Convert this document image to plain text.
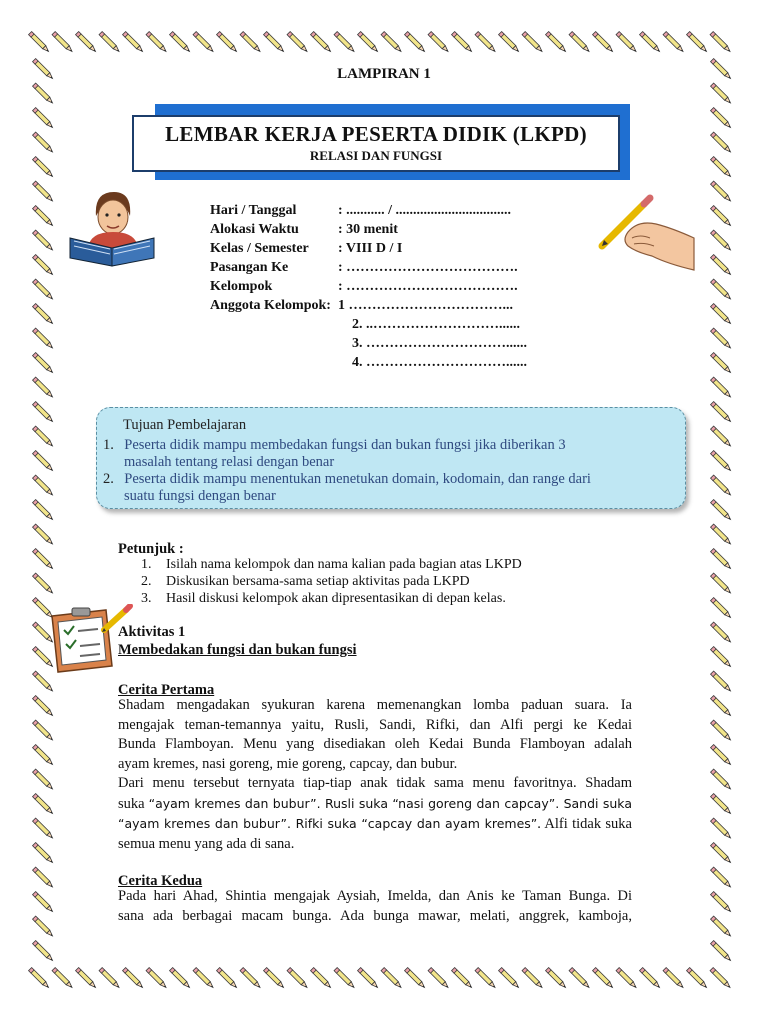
LAMPIRAN 1
LEMBAR KERJA PESERTA DIDIK (LKPD)
RELASI DAN FUNGSI
Hari / Tanggal	: ........... / .................................
Alokasi Waktu	: 30 menit
Kelas / Semester : VIII D / I
Pasangan Ke	: ……………………………….
Kelompok	: ……………………………….
Anggota Kelompok: 1 ……………………………...
2. ..………………………......
3. …………………………......
4. …………………………......
Tujuan Pembelajaran

1. Peserta didik mampu membedakan fungsi dan bukan fungsi jika diberikan 3

masalah tentang relasi dengan benar

2. Peserta didik mampu menentukan menetukan domain, kodomain, dan range dari

suatu fungsi dengan benar

Petunjuk :
1. Isilah nama kelompok dan nama kalian pada bagian atas LKPD
2. Diskusikan bersama-sama setiap aktivitas pada LKPD
3. Hasil diskusi kelompok akan dipresentasikan di depan kelas.
Aktivitas 1
Membedakan fungsi dan bukan fungsi
Cerita Pertama
Shadam mengadakan syukuran karena memenangkan lomba paduan suara. Ia
mengajak teman-temannya yaitu, Rusli, Sandi, Rifki, dan Alfi pergi ke Kedai
Bunda Flamboyan. Menu yang disediakan oleh Kedai Bunda Flamboyan adalah
ayam kremes, nasi goreng, mie goreng, capcay, dan bubur.
Dari menu tersebut ternyata tiap-tiap anak tidak sama menu favoritnya. Shadam
suka “ayam kremes dan bubur”. Rusli suka “nasi goreng dan capcay”. Sandi suka
“ayam kremes dan bubur”. Rifki suka “capcay dan ayam kremes”. Alfi tidak suka
semua menu yang ada di sana.
Cerita Kedua
Pada hari Ahad, Shintia mengajak Aysiah, Imelda, dan Anis ke Taman Bunga. Di
sana ada berbagai macam bunga. Ada bunga mawar, melati, anggrek, kamboja,
